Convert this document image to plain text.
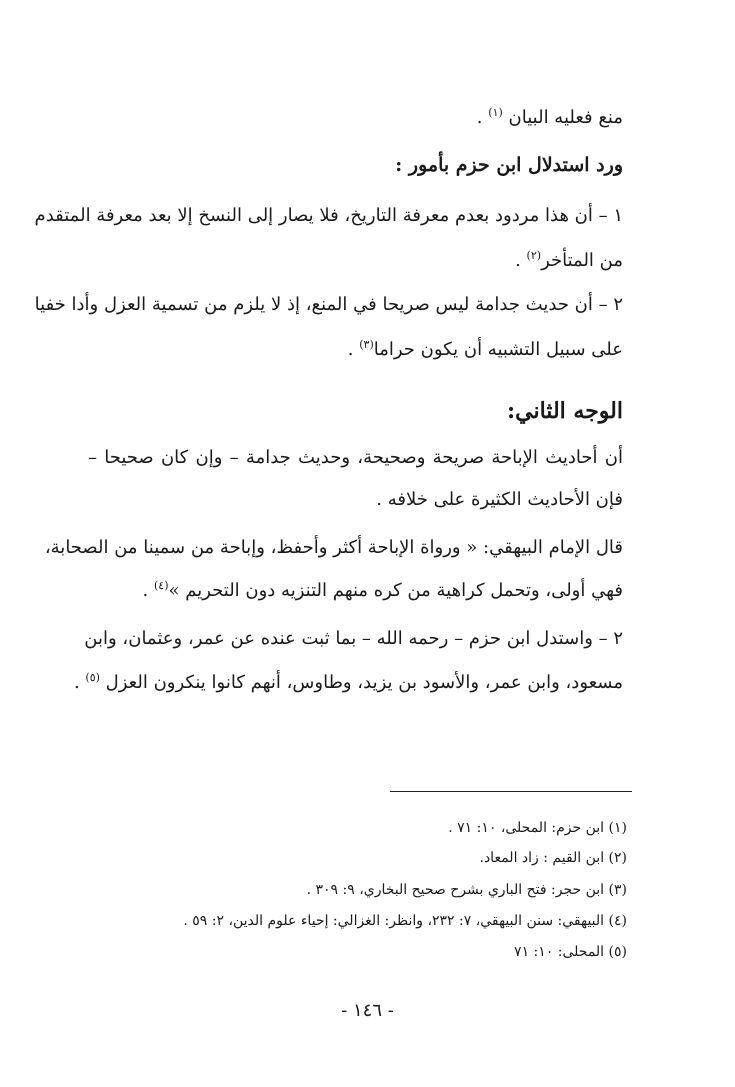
منع فعليه البيان $^{(١)}$ .
ورد استدلال ابن حزم بأمور :
١ – أن هذا مردود بعدم معرفة التاريخ، فلا يصار إلى النسخ إلا بعد معرفة المتقدم
من المتأخر$^{(٢)}$ .
٢ – أن حديث جدامة ليس صريحا في المنع، إذ لا يلزم من تسمية العزل وأدا خفيا
على سبيل التشبيه أن يكون حراما$^{(٣)}$ .
الوجه الثاني:
أن أحاديث الإباحة صريحة وصحيحة، وحديث جدامة – وإن كان صحيحا –
فإن الأحاديث الكثيرة على خلافه .
قال الإمام البيهقي: « ورواة الإباحة أكثر وأحفظ، وإباحة من سمينا من الصحابة،
فهي أولى، وتحمل كراهية من كره منهم التنزيه دون التحريم »$^{(٤)}$ .
٢ – واستدل ابن حزم – رحمه الله – بما ثبت عنده عن عمر، وعثمان، وابن
مسعود، وابن عمر، والأسود بن يزيد، وطاوس، أنهم كانوا ينكرون العزل $^{(٥)}$ .
(١) ابن حزم: المحلى، ١٠: ٧١ .
(٢) ابن القيم : زاد المعاد.
(٣) ابن حجر: فتح الباري بشرح صحيح البخاري، ٩: ٣٠٩ .
(٤) البيهقي: سنن البيهقي، ٧: ٢٣٢، وانظر: الغزالي: إحياء علوم الدين، ٢: ٥٩ .
(٥) المحلى: ١٠: ٧١
- ١٤٦ -
